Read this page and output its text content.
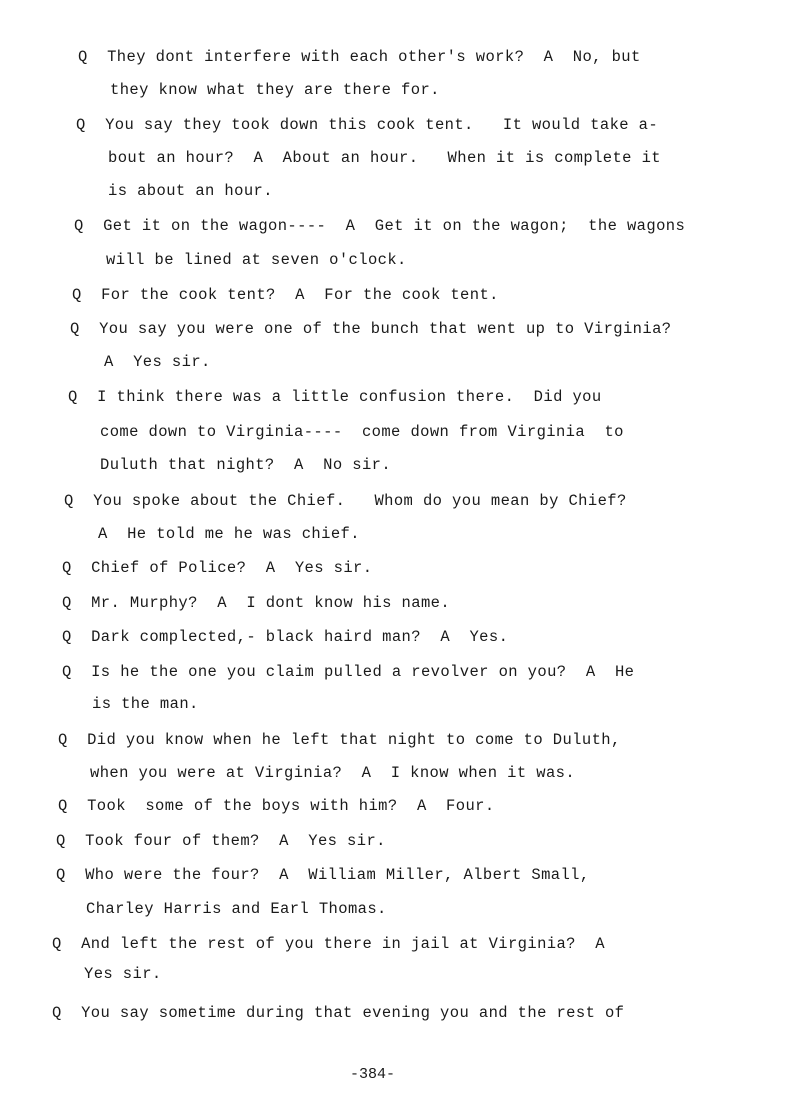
Q  They dont interfere with each other's work?  A  No, but
they know what they are there for.
Q  You say they took down this cook tent.   It would take a-
bout an hour?  A  About an hour.   When it is complete it
is about an hour.
Q  Get it on the wagon----  A  Get it on the wagon;  the wagons
will be lined at seven o'clock.
Q  For the cook tent?  A  For the cook tent.
Q  You say you were one of the bunch that went up to Virginia?
A  Yes sir.
Q  I think there was a little confusion there.  Did you
come down to Virginia----  come down from Virginia  to
Duluth that night?  A  No sir.
Q  You spoke about the Chief.   Whom do you mean by Chief?
A  He told me he was chief.
Q  Chief of Police?  A  Yes sir.
Q  Mr. Murphy?  A  I dont know his name.
Q  Dark complected,- black haird man?  A  Yes.
Q  Is he the one you claim pulled a revolver on you?  A  He
is the man.
Q  Did you know when he left that night to come to Duluth,
when you were at Virginia?  A  I know when it was.
Q  Took  some of the boys with him?  A  Four.
Q  Took four of them?  A  Yes sir.
Q  Who were the four?  A  William Miller, Albert Small,
Charley Harris and Earl Thomas.
Q  And left the rest of you there in jail at Virginia?  A
Yes sir.
Q  You say sometime during that evening you and the rest of
-384-
